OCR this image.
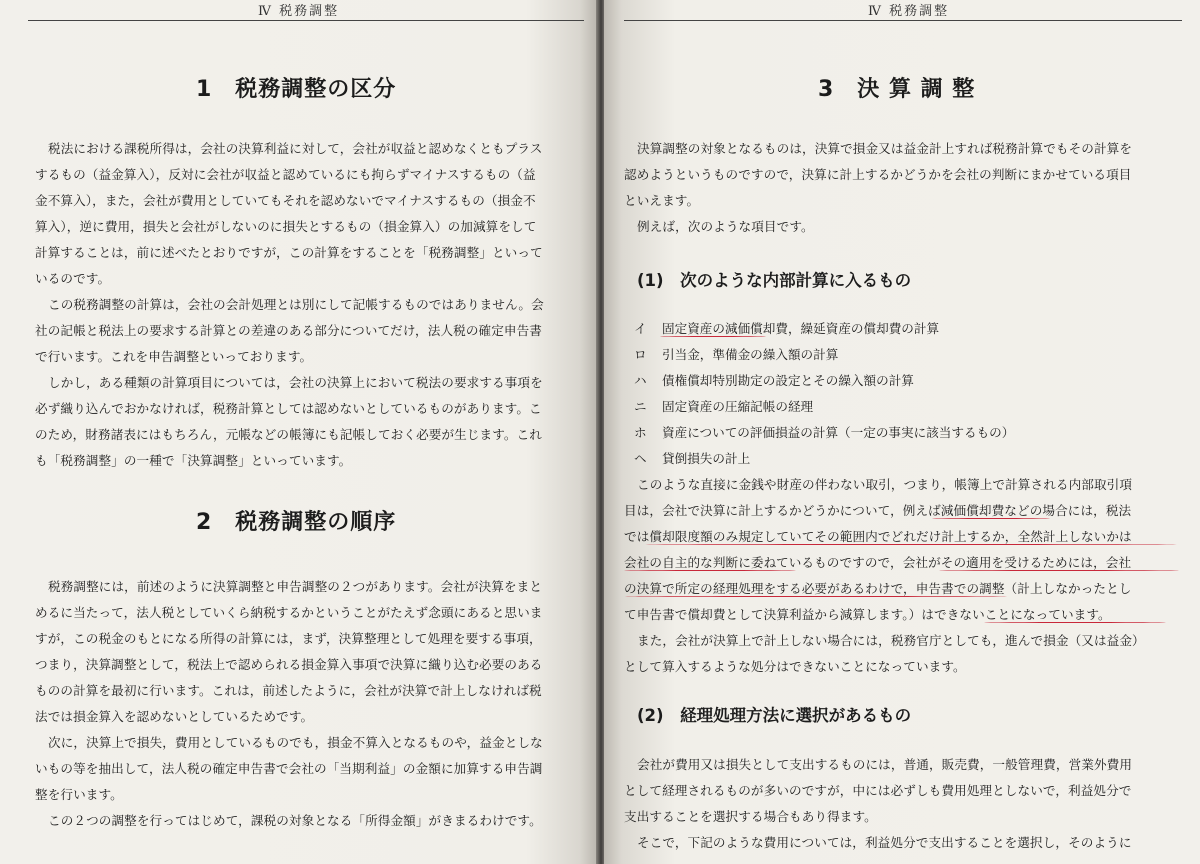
Ⅳ 税務調整
1　税務調整の区分
税法における課税所得は，会社の決算利益に対して，会社が収益と認めなくともプラス
するもの（益金算入），反対に会社が収益と認めているにも拘らずマイナスするもの（益
金不算入），また，会社が費用としていてもそれを認めないでマイナスするもの（損金不
算入），逆に費用，損失と会社がしないのに損失とするもの（損金算入）の加減算をして
計算することは，前に述べたとおりですが，この計算をすることを「税務調整」といって
いるのです。
この税務調整の計算は，会社の会計処理とは別にして記帳するものではありません。会
社の記帳と税法上の要求する計算との差違のある部分についてだけ，法人税の確定申告書
で行います。これを申告調整といっております。
しかし，ある種類の計算項目については，会社の決算上において税法の要求する事項を
必ず織り込んでおかなければ，税務計算としては認めないとしているものがあります。こ
のため，財務諸表にはもちろん，元帳などの帳簿にも記帳しておく必要が生じます。これ
も「税務調整」の一種で「決算調整」といっています。
2　税務調整の順序
税務調整には，前述のように決算調整と申告調整の２つがあります。会社が決算をまと
めるに当たって，法人税としていくら納税するかということがたえず念頭にあると思いま
すが，この税金のもとになる所得の計算には，まず，決算整理として処理を要する事項，
つまり，決算調整として，税法上で認められる損金算入事項で決算に織り込む必要のある
ものの計算を最初に行います。これは，前述したように，会社が決算で計上しなければ税
法では損金算入を認めないとしているためです。
次に，決算上で損失，費用としているものでも，損金不算入となるものや，益金としな
いもの等を抽出して，法人税の確定申告書で会社の「当期利益」の金額に加算する申告調
整を行います。
この２つの調整を行ってはじめて，課税の対象となる「所得金額」がきまるわけです。
Ⅳ 税務調整
3　決 算 調 整
決算調整の対象となるものは，決算で損金又は益金計上すれば税務計算でもその計算を
認めようというものですので，決算に計上するかどうかを会社の判断にまかせている項目
といえます。
例えば，次のような項目です。
(1)　次のような内部計算に入るもの
イ 固定資産の減価償却費，繰延資産の償却費の計算
ロ 引当金，準備金の繰入額の計算
ハ 債権償却特別勘定の設定とその繰入額の計算
ニ 固定資産の圧縮記帳の経理
ホ 資産についての評価損益の計算（一定の事実に該当するもの）
ヘ 貸倒損失の計上
このような直接に金銭や財産の伴わない取引，つまり，帳簿上で計算される内部取引項
目は，会社で決算に計上するかどうかについて，例えば減価償却費などの場合には，税法
では償却限度額のみ規定していてその範囲内でどれだけ計上するか，全然計上しないかは
会社の自主的な判断に委ねているものですので，会社がその適用を受けるためには，会社
の決算で所定の経理処理をする必要があるわけで，申告書での調整（計上しなかったとし
て申告書で償却費として決算利益から減算します。）はできないことになっています。
また，会社が決算上で計上しない場合には，税務官庁としても，進んで損金（又は益金）
として算入するような処分はできないことになっています。
(2)　経理処理方法に選択があるもの
会社が費用又は損失として支出するものには，普通，販売費，一般管理費，営業外費用
として経理されるものが多いのですが，中には必ずしも費用処理としないで，利益処分で
支出することを選択する場合もあり得ます。
そこで，下記のような費用については，利益処分で支出することを選択し，そのように
